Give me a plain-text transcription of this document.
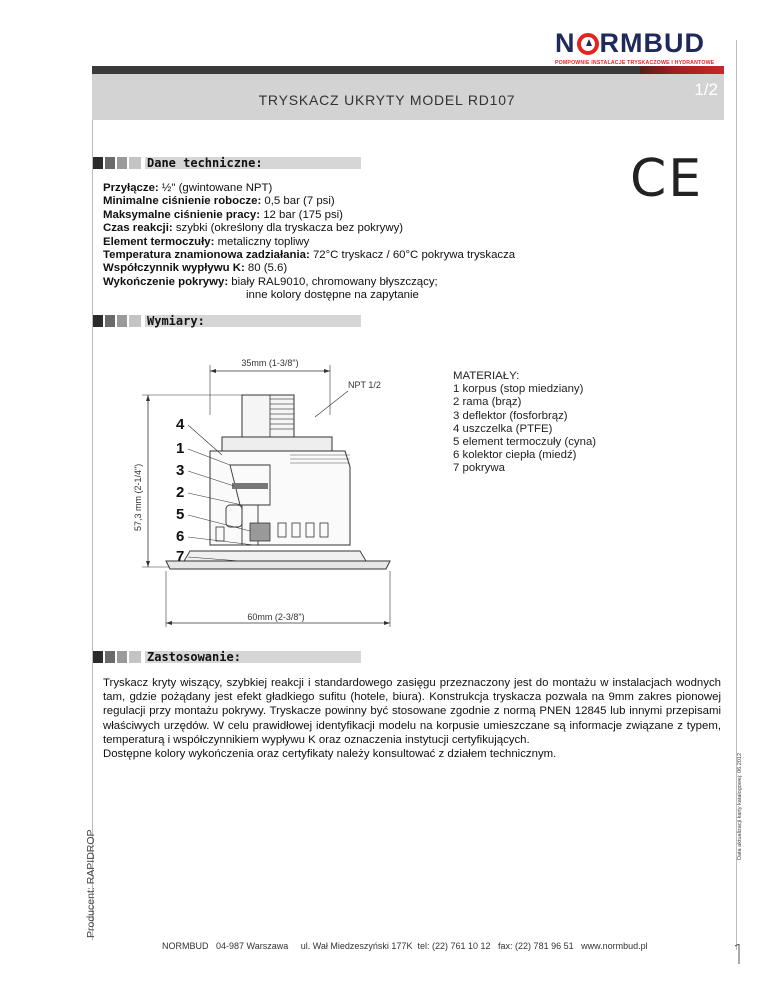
N RMBUD
POMPOWNIE INSTALACJE TRYSKACZOWE I HYDRANTOWE
TRYSKACZ UKRYTY MODEL RD107
1/2
Dane techniczne:
Przyłącze: ½" (gwintowane NPT)
Minimalne ciśnienie robocze: 0,5 bar (7 psi)
Maksymalne ciśnienie pracy: 12 bar (175 psi)
Czas reakcji: szybki (określony dla tryskacza bez pokrywy)
Element termoczuły: metaliczny topliwy
Temperatura znamionowa zadziałania: 72°C tryskacz / 60°C pokrywa tryskacza
Współczynnik wypływu K: 80 (5.6)
Wykończenie pokrywy: biały RAL9010, chromowany błyszczący;
inne kolory dostępne na zapytanie
CE
Wymiary:
35mm (1-3/8")
NPT 1/2
57,3 mm (2-1/4")
4
1
3
2
5
6
7
60mm (2-3/8")
MATERIAŁY:
1 korpus (stop miedziany)
2 rama (brąz)
3 deflektor (fosforbrąz)
4 uszczelka (PTFE)
5 element termoczuły (cyna)
6 kolektor ciepła (miedź)
7 pokrywa
Zastosowanie:
Tryskacz kryty wiszący, szybkiej reakcji i standardowego zasięgu przeznaczony jest do montażu w instalacjach wodnych tam, gdzie pożądany jest efekt gładkiego sufitu (hotele, biura). Konstrukcja tryskacza pozwala na 9mm zakres pionowej regulacji przy montażu pokrywy. Tryskacze powinny być stosowane zgodnie z normą PNEN 12845 lub innymi przepisami właściwych urzędów. W celu prawidłowej identyfikacji modelu na korpusie umieszczane są informacje związane z typem, temperaturą i współczynnikiem wypływu K oraz oznaczenia instytucji certyfikujących.
Dostępne kolory wykończenia oraz certyfikaty należy konsultować z działem technicznym.
Producent: RAPIDROP
Data aktualizacji karty katalogowej: 06.2012
NORMBUD 04-987 Warszawa ul. Wał Miedzeszyński 177K tel: (22) 761 10 12 fax: (22) 781 96 51 www.normbud.pl
